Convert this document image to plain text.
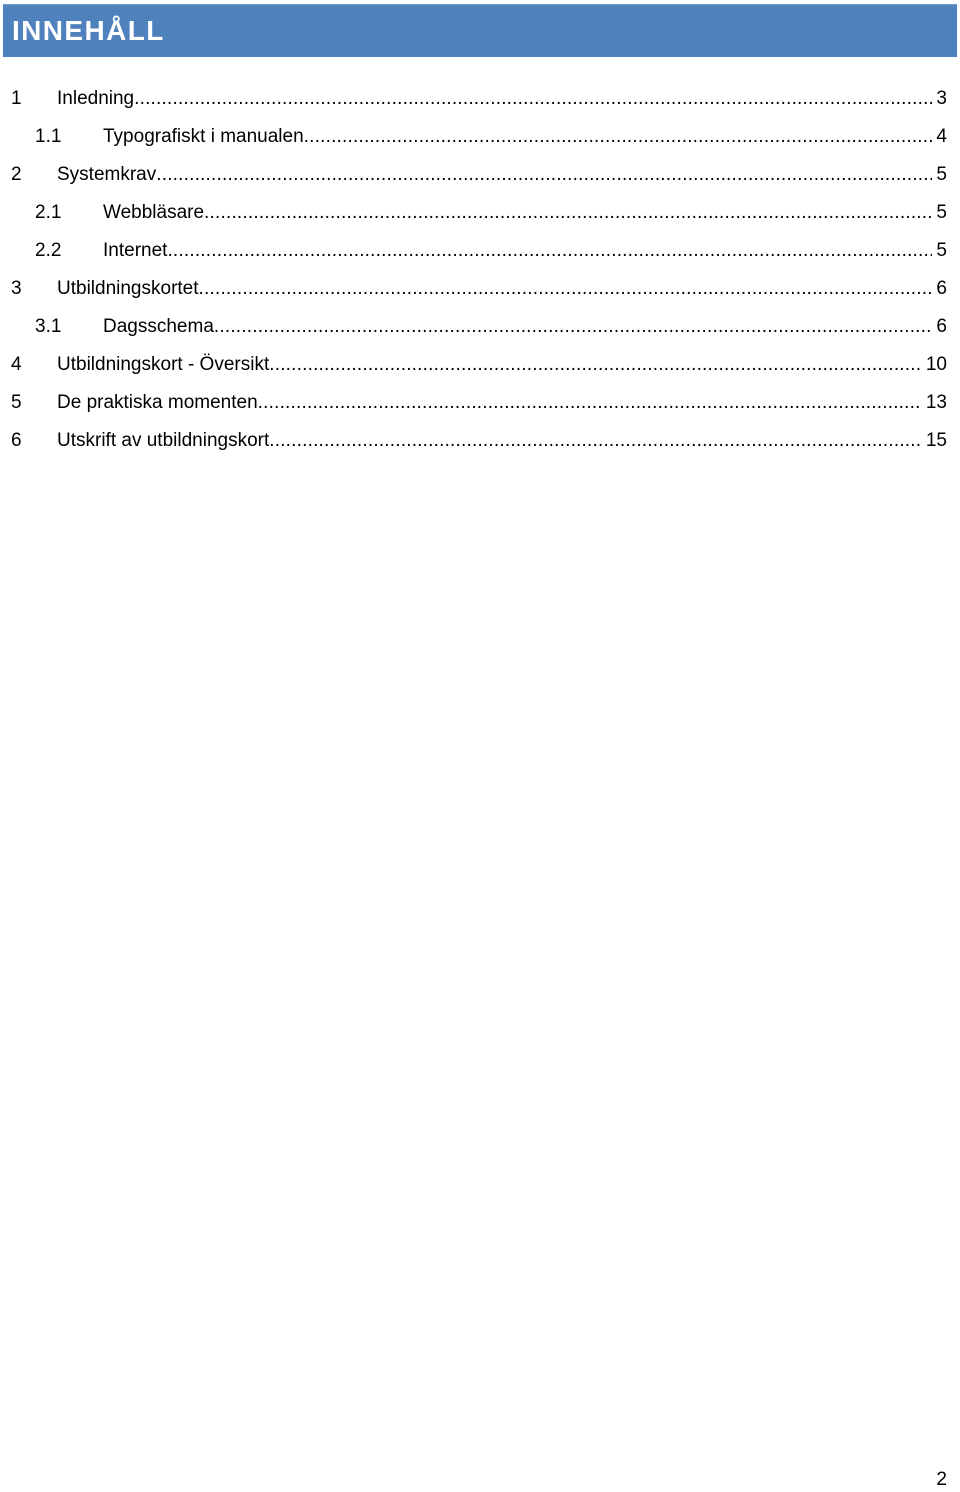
INNEHÅLL
1 Inledning .....	3
1.1 Typografiskt i manualen .....	4
2 Systemkrav .....	5
2.1 Webbläsare .....	5
2.2 Internet .....	5
3 Utbildningskortet .....	6
3.1 Dagsschema .....	6
4 Utbildningskort - Översikt .....	10
5 De praktiska momenten .....	13
6 Utskrift av utbildningskort .....	15
2
